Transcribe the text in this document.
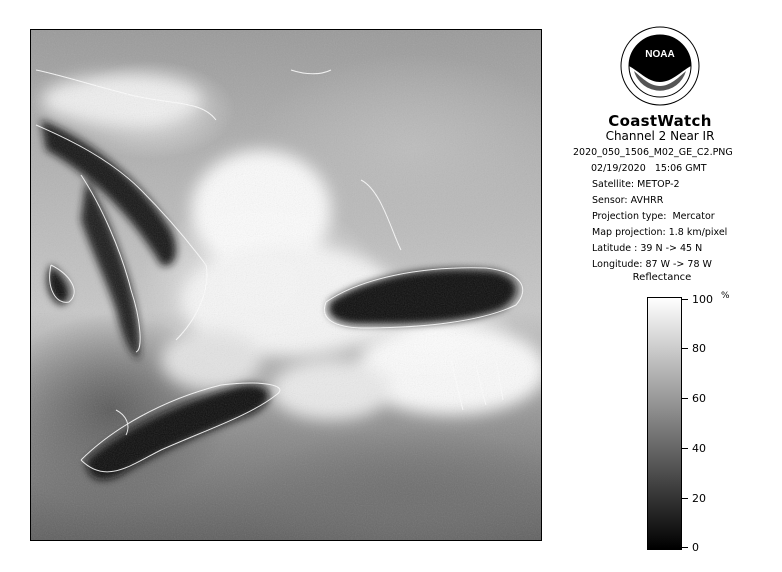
NOAA
CoastWatch
Channel 2 Near IR
2020_050_1506_M02_GE_C2.PNG
02/19/2020   15:06 GMT
Satellite: METOP-2
Sensor: AVHRR
Projection type:  Mercator
Map projection: 1.8 km/pixel
Latitude : 39 N -> 45 N
Longitude: 87 W -> 78 W
Reflectance
%
100
80
60
40
20
0
